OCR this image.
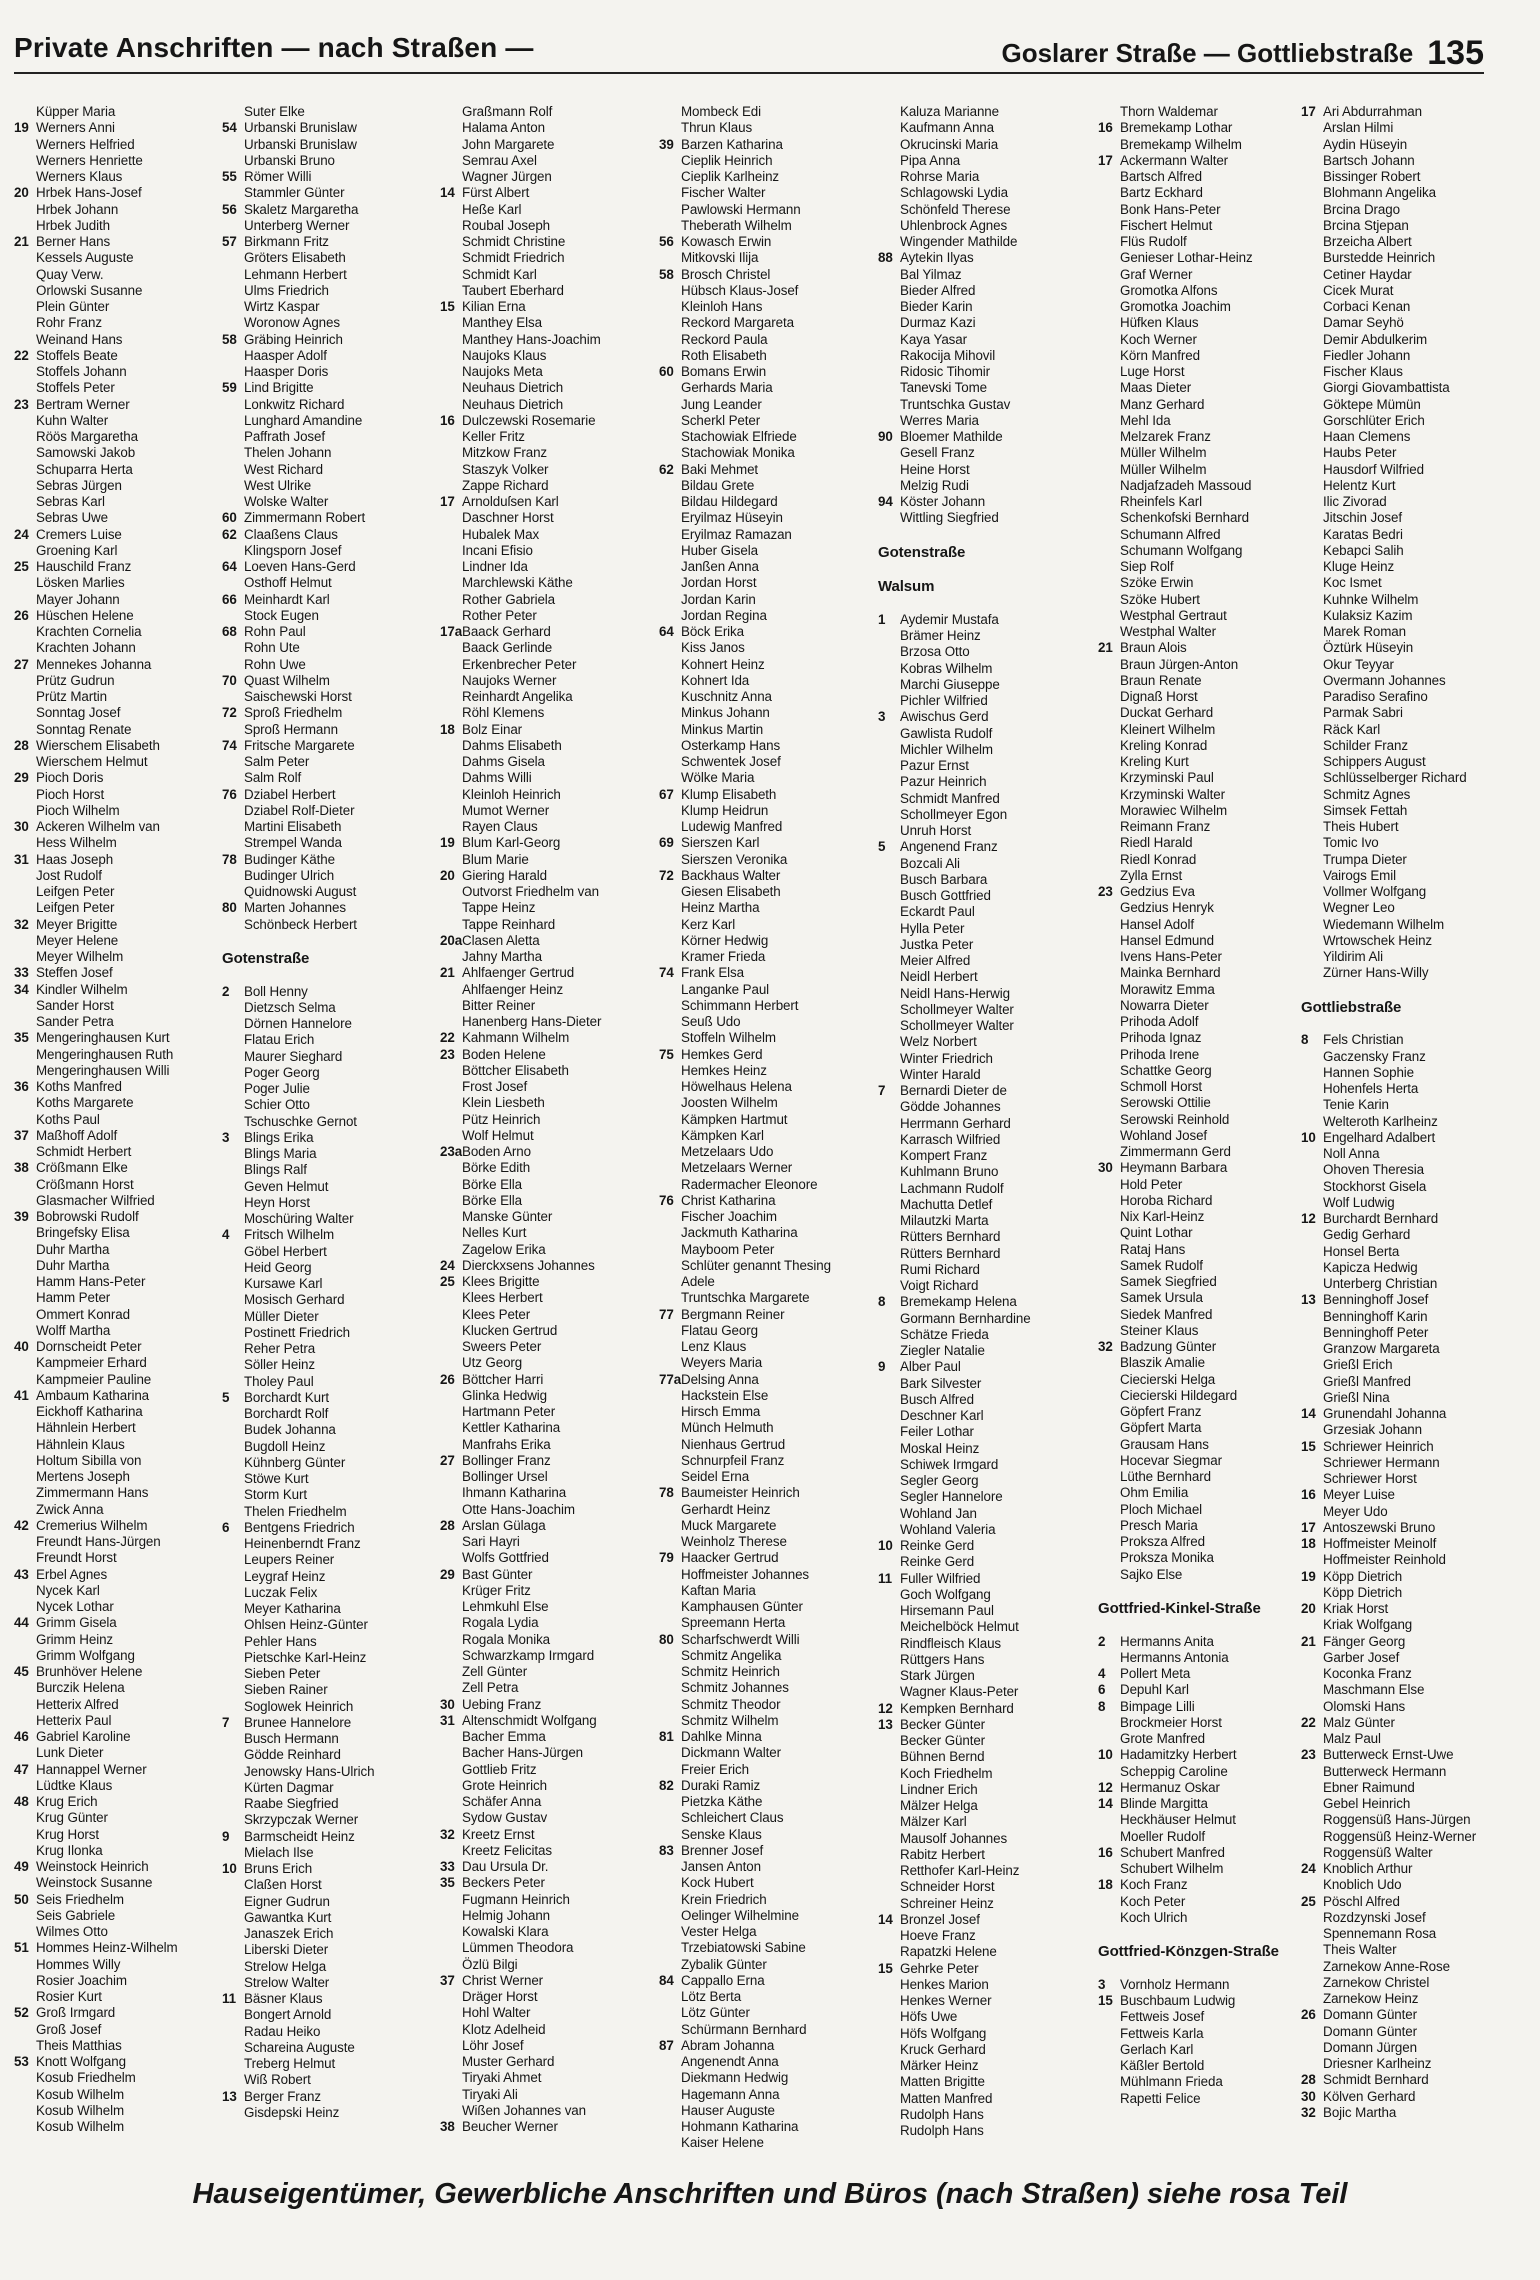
Private Anschriften — nach Straßen —	Goslarer Straße — Gottliebstraße 135
Küpper Maria
19 Werners Anni
Werners Helfried
Werners Henriette
Werners Klaus
20 Hrbek Hans-Josef
Hrbek Johann
Hrbek Judith
21 Berner Hans
Kessels Auguste
Quay Verw.
Orlowski Susanne
Plein Günter
Rohr Franz
Weinand Hans
22 Stoffels Beate
Stoffels Johann
Stoffels Peter
23 Bertram Werner
Kuhn Walter
Röös Margaretha
Samowski Jakob
Schuparra Herta
Sebras Jürgen
Sebras Karl
Sebras Uwe
24 Cremers Luise
Groening Karl
25 Hauschild Franz
Lösken Marlies
Mayer Johann
26 Hüschen Helene
Krachten Cornelia
Krachten Johann
27 Mennekes Johanna
Prütz Gudrun
Prütz Martin
Sonntag Josef
Sonntag Renate
28 Wierschem Elisabeth
Wierschem Helmut
29 Pioch Doris
Pioch Horst
Pioch Wilhelm
30 Ackeren Wilhelm van
Hess Wilhelm
31 Haas Joseph
Jost Rudolf
Leifgen Peter
Leifgen Peter
32 Meyer Brigitte
Meyer Helene
Meyer Wilhelm
33 Steffen Josef
34 Kindler Wilhelm
Sander Horst
Sander Petra
35 Mengeringhausen Kurt
Mengeringhausen Ruth
Mengeringhausen Willi
36 Koths Manfred
Koths Margarete
Koths Paul
37 Maßhoff Adolf
Schmidt Herbert
38 Crößmann Elke
Crößmann Horst
Glasmacher Wilfried
39 Bobrowski Rudolf
Bringefsky Elisa
Duhr Martha
Duhr Martha
Hamm Hans-Peter
Hamm Peter
Ommert Konrad
Wolff Martha
40 Dornscheidt Peter
Kampmeier Erhard
Kampmeier Pauline
41 Ambaum Katharina
Eickhoff Katharina
Hähnlein Herbert
Hähnlein Klaus
Holtum Sibilla von
Mertens Joseph
Zimmermann Hans
Zwick Anna
42 Cremerius Wilhelm
Freundt Hans-Jürgen
Freundt Horst
43 Erbel Agnes
Nycek Karl
Nycek Lothar
44 Grimm Gisela
Grimm Heinz
Grimm Wolfgang
45 Brunhöver Helene
Burczik Helena
Hetterix Alfred
Hetterix Paul
46 Gabriel Karoline
Lunk Dieter
47 Hannappel Werner
Lüdtke Klaus
48 Krug Erich
Krug Günter
Krug Horst
Krug Ilonka
49 Weinstock Heinrich
Weinstock Susanne
50 Seis Friedhelm
Seis Gabriele
Wilmes Otto
51 Hommes Heinz-Wilhelm
Hommes Willy
Rosier Joachim
Rosier Kurt
52 Groß Irmgard
Groß Josef
Theis Matthias
53 Knott Wolfgang
Kosub Friedhelm
Kosub Wilhelm
Kosub Wilhelm
Kosub Wilhelm
Suter Elke
54 Urbanski Brunislaw
Urbanski Brunislaw
Urbanski Bruno
55 Römer Willi
Stammler Günter
56 Skaletz Margaretha
Unterberg Werner
57 Birkmann Fritz
Gröters Elisabeth
Lehmann Herbert
Ulms Friedrich
Wirtz Kaspar
Woronow Agnes
58 Gräbing Heinrich
Haasper Adolf
Haasper Doris
59 Lind Brigitte
Lonkwitz Richard
Lunghard Amandine
Paffrath Josef
Thelen Johann
West Richard
West Ulrike
Wolske Walter
60 Zimmermann Robert
62 Claaßens Claus
Klingsporn Josef
64 Loeven Hans-Gerd
Osthoff Helmut
66 Meinhardt Karl
Stock Eugen
68 Rohn Paul
Rohn Ute
Rohn Uwe
70 Quast Wilhelm
Saischewski Horst
72 Sproß Friedhelm
Sproß Hermann
74 Fritsche Margarete
Salm Peter
Salm Rolf
76 Dziabel Herbert
Dziabel Rolf-Dieter
Martini Elisabeth
Strempel Wanda
78 Budinger Käthe
Budinger Ulrich
Quidnowski August
80 Marten Johannes
Schönbeck Herbert
Gotenstraße
2 Boll Henny
Dietzsch Selma
Dörnen Hannelore
Flatau Erich
Maurer Sieghard
Poger Georg
Poger Julie
Schier Otto
Tschuschke Gernot
3 Blings Erika
Blings Maria
Blings Ralf
Geven Helmut
Heyn Horst
Moschüring Walter
4 Fritsch Wilhelm
Göbel Herbert
Heid Georg
Kursawe Karl
Mosisch Gerhard
Müller Dieter
Postinett Friedrich
Reher Petra
Söller Heinz
Tholey Paul
5 Borchardt Kurt
Borchardt Rolf
Budek Johanna
Bugdoll Heinz
Kühnberg Günter
Stöwe Kurt
Storm Kurt
Thelen Friedhelm
6 Bentgens Friedrich
Heinenberndt Franz
Leupers Reiner
Leygraf Heinz
Luczak Felix
Meyer Katharina
Ohlsen Heinz-Günter
Pehler Hans
Pietschke Karl-Heinz
Sieben Peter
Sieben Rainer
Soglowek Heinrich
7 Brunee Hannelore
Busch Hermann
Gödde Reinhard
Jenowsky Hans-Ulrich
Kürten Dagmar
Raabe Siegfried
Skrzypczak Werner
9 Barmscheidt Heinz
Mielach Ilse
10 Bruns Erich
Claßen Horst
Eigner Gudrun
Gawantka Kurt
Janaszek Erich
Liberski Dieter
Strelow Helga
Strelow Walter
11 Bäsner Klaus
Bongert Arnold
Radau Heiko
Schareina Auguste
Treberg Helmut
Wiß Robert
13 Berger Franz
Gisdepski Heinz
Graßmann Rolf
Halama Anton
John Margarete
Semrau Axel
Wagner Jürgen
14 Fürst Albert
Heße Karl
Roubal Joseph
Schmidt Christine
Schmidt Friedrich
Schmidt Karl
Taubert Eberhard
15 Kilian Erna
Manthey Elsa
Manthey Hans-Joachim
Naujoks Klaus
Naujoks Meta
Neuhaus Dietrich
Neuhaus Dietrich
16 Dulczewski Rosemarie
Keller Fritz
Mitzkow Franz
Staszyk Volker
Zappe Richard
17 Arnolduſsen Karl
Daschner Horst
Hubalek Max
Incani Efisio
Lindner Ida
Marchlewski Käthe
Rother Gabriela
Rother Peter
17aBaack Gerhard
Baack Gerlinde
Erkenbrecher Peter
Naujoks Werner
Reinhardt Angelika
Röhl Klemens
18 Bolz Einar
Dahms Elisabeth
Dahms Gisela
Dahms Willi
Kleinloh Heinrich
Mumot Werner
Rayen Claus
19 Blum Karl-Georg
Blum Marie
20 Giering Harald
Outvorst Friedhelm van
Tappe Heinz
Tappe Reinhard
20aClasen Aletta
Jahny Martha
21 Ahlfaenger Gertrud
Ahlfaenger Heinz
Bitter Reiner
Hanenberg Hans-Dieter
22 Kahmann Wilhelm
23 Boden Helene
Böttcher Elisabeth
Frost Josef
Klein Liesbeth
Pütz Heinrich
Wolf Helmut
23aBoden Arno
Börke Edith
Börke Ella
Börke Ella
Manske Günter
Nelles Kurt
Zagelow Erika
24 Dierckxsens Johannes
25 Klees Brigitte
Klees Herbert
Klees Peter
Klucken Gertrud
Sweers Peter
Utz Georg
26 Böttcher Harri
Glinka Hedwig
Hartmann Peter
Kettler Katharina
Manfrahs Erika
27 Bollinger Franz
Bollinger Ursel
Ihmann Katharina
Otte Hans-Joachim
28 Arslan Gülaga
Sari Hayri
Wolfs Gottfried
29 Bast Günter
Krüger Fritz
Lehmkuhl Else
Rogala Lydia
Rogala Monika
Schwarzkamp Irmgard
Zell Günter
Zell Petra
30 Uebing Franz
31 Altenschmidt Wolfgang
Bacher Emma
Bacher Hans-Jürgen
Gottlieb Fritz
Grote Heinrich
Schäfer Anna
Sydow Gustav
32 Kreetz Ernst
Kreetz Felicitas
33 Dau Ursula Dr.
35 Beckers Peter
Fugmann Heinrich
Helmig Johann
Kowalski Klara
Lümmen Theodora
Özlü Bilgi
37 Christ Werner
Dräger Horst
Hohl Walter
Klotz Adelheid
Löhr Josef
Muster Gerhard
Tiryaki Ahmet
Tiryaki Ali
Wißen Johannes van
38 Beucher Werner
Mombeck Edi
Thrun Klaus
39 Barzen Katharina
Cieplik Heinrich
Cieplik Karlheinz
Fischer Walter
Pawlowski Hermann
Theberath Wilhelm
56 Kowasch Erwin
Mitkovski Ilija
58 Brosch Christel
Hübsch Klaus-Josef
Kleinloh Hans
Reckord Margareta
Reckord Paula
Roth Elisabeth
60 Bomans Erwin
Gerhards Maria
Jung Leander
Scherkl Peter
Stachowiak Elfriede
Stachowiak Monika
62 Baki Mehmet
Bildau Grete
Bildau Hildegard
Eryilmaz Hüseyin
Eryilmaz Ramazan
Huber Gisela
Janßen Anna
Jordan Horst
Jordan Karin
Jordan Regina
64 Böck Erika
Kiss Janos
Kohnert Heinz
Kohnert Ida
Kuschnitz Anna
Minkus Johann
Minkus Martin
Osterkamp Hans
Schwentek Josef
Wölke Maria
67 Klump Elisabeth
Klump Heidrun
Ludewig Manfred
69 Sierszen Karl
Sierszen Veronika
72 Backhaus Walter
Giesen Elisabeth
Heinz Martha
Kerz Karl
Körner Hedwig
Kramer Frieda
74 Frank Elsa
Langanke Paul
Schimmann Herbert
Seuß Udo
Stoffeln Wilhelm
75 Hemkes Gerd
Hemkes Heinz
Höwelhaus Helena
Joosten Wilhelm
Kämpken Hartmut
Kämpken Karl
Metzelaars Udo
Metzelaars Werner
Radermacher Eleonore
76 Christ Katharina
Fischer Joachim
Jackmuth Katharina
Mayboom Peter
Schlüter genannt Thesing
Adele
Truntschka Margarete
77 Bergmann Reiner
Flatau Georg
Lenz Klaus
Weyers Maria
77aDelsing Anna
Hackstein Else
Hirsch Emma
Münch Helmuth
Nienhaus Gertrud
Schnurpfeil Franz
Seidel Erna
78 Baumeister Heinrich
Gerhardt Heinz
Muck Margarete
Weinholz Therese
79 Haacker Gertrud
Hoffmeister Johannes
Kaftan Maria
Kamphausen Günter
Spreemann Herta
80 Scharfschwerdt Willi
Schmitz Angelika
Schmitz Heinrich
Schmitz Johannes
Schmitz Theodor
Schmitz Wilhelm
81 Dahlke Minna
Dickmann Walter
Freier Erich
82 Duraki Ramiz
Pietzka Käthe
Schleichert Claus
Senske Klaus
83 Brenner Josef
Jansen Anton
Kock Hubert
Krein Friedrich
Oelinger Wilhelmine
Vester Helga
Trzebiatowski Sabine
Zybalik Günter
84 Cappallo Erna
Lötz Berta
Lötz Günter
Schürmann Bernhard
87 Abram Johanna
Angenendt Anna
Diekmann Hedwig
Hagemann Anna
Hauser Auguste
Hohmann Katharina
Kaiser Helene
Kaluza Marianne
Kaufmann Anna
Okrucinski Maria
Pipa Anna
Rohrse Maria
Schlagowski Lydia
Schönfeld Therese
Uhlenbrock Agnes
Wingender Mathilde
88 Aytekin Ilyas
Bal Yilmaz
Bieder Alfred
Bieder Karin
Durmaz Kazi
Kaya Yasar
Rakocija Mihovil
Ridosic Tihomir
Tanevski Tome
Truntschka Gustav
Werres Maria
90 Bloemer Mathilde
Gesell Franz
Heine Horst
Melzig Rudi
94 Köster Johann
Wittling Siegfried
Gotenstraße
Walsum
1 Aydemir Mustafa
Brämer Heinz
Brzosa Otto
Kobras Wilhelm
Marchi Giuseppe
Pichler Wilfried
3 Awischus Gerd
Gawlista Rudolf
Michler Wilhelm
Pazur Ernst
Pazur Heinrich
Schmidt Manfred
Schollmeyer Egon
Unruh Horst
5 Angenend Franz
Bozcali Ali
Busch Barbara
Busch Gottfried
Eckardt Paul
Hylla Peter
Justka Peter
Meier Alfred
Neidl Herbert
Neidl Hans-Herwig
Schollmeyer Walter
Schollmeyer Walter
Welz Norbert
Winter Friedrich
Winter Harald
7 Bernardi Dieter de
Gödde Johannes
Herrmann Gerhard
Karrasch Wilfried
Kompert Franz
Kuhlmann Bruno
Lachmann Rudolf
Machutta Detlef
Milautzki Marta
Rütters Bernhard
Rütters Bernhard
Rumi Richard
Voigt Richard
8 Bremekamp Helena
Gormann Bernhardine
Schätze Frieda
Ziegler Natalie
9 Alber Paul
Bark Silvester
Busch Alfred
Deschner Karl
Feiler Lothar
Moskal Heinz
Schiwek Irmgard
Segler Georg
Segler Hannelore
Wohland Jan
Wohland Valeria
10 Reinke Gerd
Reinke Gerd
11 Fuller Wilfried
Goch Wolfgang
Hirsemann Paul
Meichelböck Helmut
Rindfleisch Klaus
Rüttgers Hans
Stark Jürgen
Wagner Klaus-Peter
12 Kempken Bernhard
13 Becker Günter
Becker Günter
Bühnen Bernd
Koch Friedhelm
Lindner Erich
Mälzer Helga
Mälzer Karl
Mausolf Johannes
Rabitz Herbert
Retthofer Karl-Heinz
Schneider Horst
Schreiner Heinz
14 Bronzel Josef
Hoeve Franz
Rapatzki Helene
15 Gehrke Peter
Henkes Marion
Henkes Werner
Höfs Uwe
Höfs Wolfgang
Kruck Gerhard
Märker Heinz
Matten Brigitte
Matten Manfred
Rudolph Hans
Rudolph Hans
Thorn Waldemar
16 Bremekamp Lothar
Bremekamp Wilhelm
17 Ackermann Walter
Bartsch Alfred
Bartz Eckhard
Bonk Hans-Peter
Fischert Helmut
Flüs Rudolf
Genieser Lothar-Heinz
Graf Werner
Gromotka Alfons
Gromotka Joachim
Hüfken Klaus
Koch Werner
Körn Manfred
Luge Horst
Maas Dieter
Manz Gerhard
Mehl Ida
Melzarek Franz
Müller Wilhelm
Müller Wilhelm
Nadjafzadeh Massoud
Rheinfels Karl
Schenkofski Bernhard
Schumann Alfred
Schumann Wolfgang
Siep Rolf
Szöke Erwin
Szöke Hubert
Westphal Gertraut
Westphal Walter
21 Braun Alois
Braun Jürgen-Anton
Braun Renate
Dignaß Horst
Duckat Gerhard
Kleinert Wilhelm
Kreling Konrad
Kreling Kurt
Krzyminski Paul
Krzyminski Walter
Morawiec Wilhelm
Reimann Franz
Riedl Harald
Riedl Konrad
Zylla Ernst
23 Gedzius Eva
Gedzius Henryk
Hansel Adolf
Hansel Edmund
Ivens Hans-Peter
Mainka Bernhard
Morawitz Emma
Nowarra Dieter
Prihoda Adolf
Prihoda Ignaz
Prihoda Irene
Schattke Georg
Schmoll Horst
Serowski Ottilie
Serowski Reinhold
Wohland Josef
Zimmermann Gerd
30 Heymann Barbara
Hold Peter
Horoba Richard
Nix Karl-Heinz
Quint Lothar
Rataj Hans
Samek Rudolf
Samek Siegfried
Samek Ursula
Siedek Manfred
Steiner Klaus
32 Badzung Günter
Blaszik Amalie
Ciecierski Helga
Ciecierski Hildegard
Göpfert Franz
Göpfert Marta
Grausam Hans
Hocevar Siegmar
Lüthe Bernhard
Ohm Emilia
Ploch Michael
Presch Maria
Proksza Alfred
Proksza Monika
Sajko Else
Gottfried-Kinkel-Straße
2 Hermanns Anita
Hermanns Antonia
4 Pollert Meta
6 Depuhl Karl
8 Bimpage Lilli
Brockmeier Horst
Grote Manfred
10 Hadamitzky Herbert
Scheppig Caroline
12 Hermanuz Oskar
14 Blinde Margitta
Heckhäuser Helmut
Moeller Rudolf
16 Schubert Manfred
Schubert Wilhelm
18 Koch Franz
Koch Peter
Koch Ulrich
Gottfried-Könzgen-Straße
3 Vornholz Hermann
15 Buschbaum Ludwig
Fettweis Josef
Fettweis Karla
Gerlach Karl
Käßler Bertold
Mühlmann Frieda
Rapetti Felice
17 Ari Abdurrahman
Arslan Hilmi
Aydin Hüseyin
Bartsch Johann
Bissinger Robert
Blohmann Angelika
Brcina Drago
Brcina Stjepan
Brzeicha Albert
Burstedde Heinrich
Cetiner Haydar
Cicek Murat
Corbaci Kenan
Damar Seyhö
Demir Abdulkerim
Fiedler Johann
Fischer Klaus
Giorgi Giovambattista
Göktepe Mümün
Gorschlüter Erich
Haan Clemens
Haubs Peter
Hausdorf Wilfried
Helentz Kurt
Ilic Zivorad
Jitschin Josef
Karatas Bedri
Kebapci Salih
Kluge Heinz
Koc Ismet
Kuhnke Wilhelm
Kulaksiz Kazim
Marek Roman
Öztürk Hüseyin
Okur Teyyar
Overmann Johannes
Paradiso Serafino
Parmak Sabri
Räck Karl
Schilder Franz
Schippers August
Schlüsselberger Richard
Schmitz Agnes
Simsek Fettah
Theis Hubert
Tomic Ivo
Trumpa Dieter
Vairogs Emil
Vollmer Wolfgang
Wegner Leo
Wiedemann Wilhelm
Wrtowschek Heinz
Yildirim Ali
Zürner Hans-Willy
Gottliebstraße
8 Fels Christian
Gaczensky Franz
Hannen Sophie
Hohenfels Herta
Tenie Karin
Welteroth Karlheinz
10 Engelhard Adalbert
Noll Anna
Ohoven Theresia
Stockhorst Gisela
Wolf Ludwig
12 Burchardt Bernhard
Gedig Gerhard
Honsel Berta
Kapicza Hedwig
Unterberg Christian
13 Benninghoff Josef
Benninghoff Karin
Benninghoff Peter
Granzow Margareta
Grießl Erich
Grießl Manfred
Grießl Nina
14 Grunendahl Johanna
Grzesiak Johann
15 Schriewer Heinrich
Schriewer Hermann
Schriewer Horst
16 Meyer Luise
Meyer Udo
17 Antoszewski Bruno
18 Hoffmeister Meinolf
Hoffmeister Reinhold
19 Köpp Dietrich
Köpp Dietrich
20 Kriak Horst
Kriak Wolfgang
21 Fänger Georg
Garber Josef
Koconka Franz
Maschmann Else
Olomski Hans
22 Malz Günter
Malz Paul
23 Butterweck Ernst-Uwe
Butterweck Hermann
Ebner Raimund
Gebel Heinrich
Roggensüß Hans-Jürgen
Roggensüß Heinz-Werner
Roggensüß Walter
24 Knoblich Arthur
Knoblich Udo
25 Pöschl Alfred
Rozdzynski Josef
Spennemann Rosa
Theis Walter
Zarnekow Anne-Rose
Zarnekow Christel
Zarnekow Heinz
26 Domann Günter
Domann Günter
Domann Jürgen
Driesner Karlheinz
28 Schmidt Bernhard
30 Kölven Gerhard
32 Bojic Martha
Hauseigentümer, Gewerbliche Anschriften und Büros (nach Straßen) siehe rosa Teil
